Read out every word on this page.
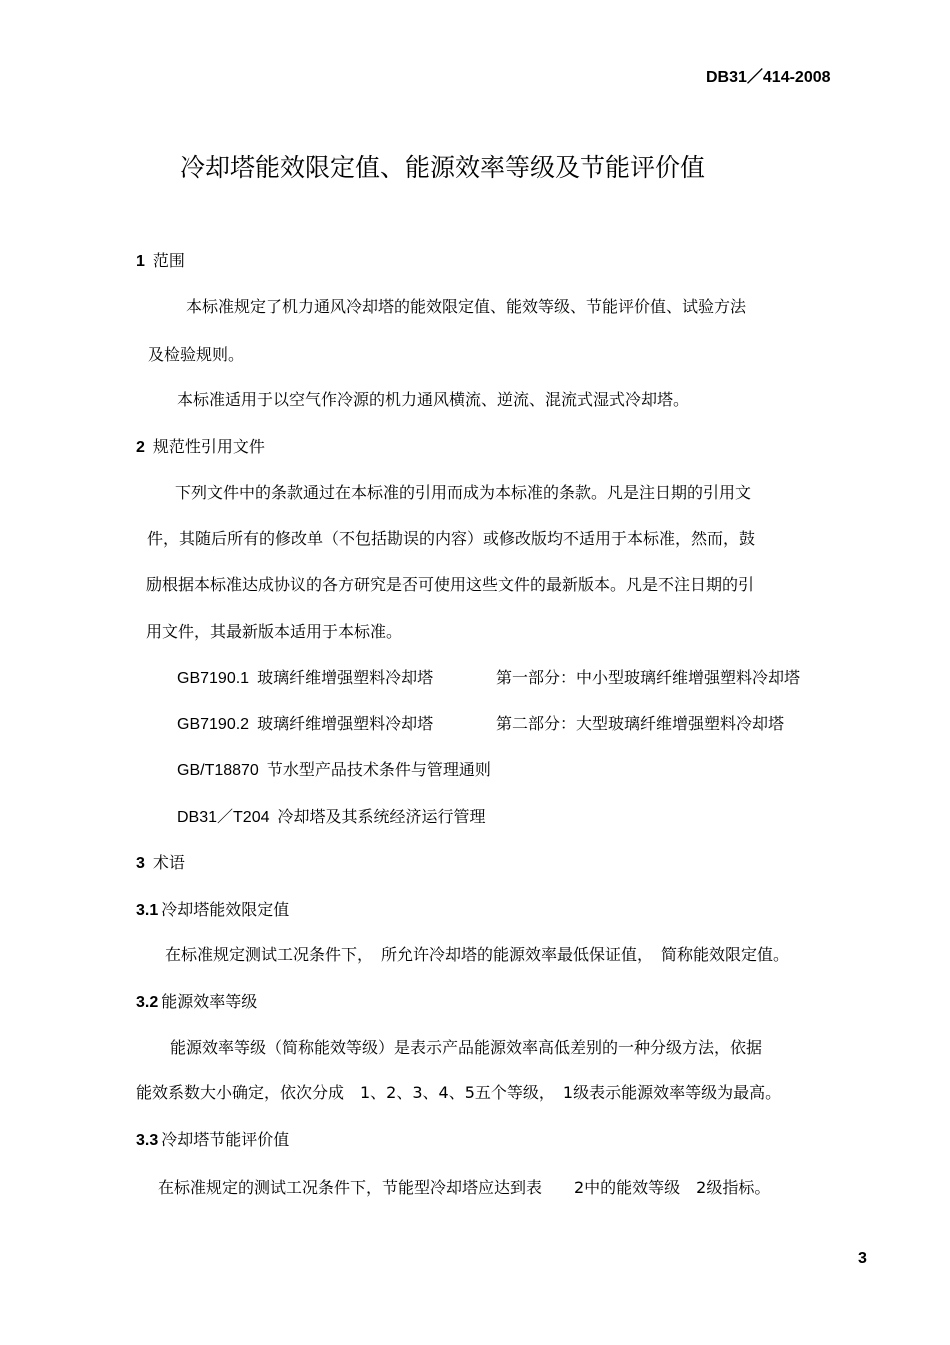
DB31／414-2008
冷却塔能效限定值、能源效率等级及节能评价值
1 范围
本标准规定了机力通风冷却塔的能效限定值、能效等级、节能评价值、试验方法
及检验规则。
本标准适用于以空气作冷源的机力通风横流、逆流、混流式湿式冷却塔。
2 规范性引用文件
下列文件中的条款通过在本标准的引用而成为本标准的条款。凡是注日期的引用文
件，其随后所有的修改单（不包括勘误的内容）或修改版均不适用于本标准，然而，鼓
励根据本标准达成协议的各方研究是否可使用这些文件的最新版本。凡是不注日期的引
用文件，其最新版本适用于本标准。
GB7190.1 玻璃纤维增强塑料冷却塔	第一部分：中小型玻璃纤维增强塑料冷却塔
GB7190.2 玻璃纤维增强塑料冷却塔	第二部分：大型玻璃纤维增强塑料冷却塔
GB/T18870 节水型产品技术条件与管理通则
DB31／T204 冷却塔及其系统经济运行管理
3 术语
3.1 冷却塔能效限定值
在标准规定测试工况条件下，　所允许冷却塔的能源效率最低保证值，　简称能效限定值。
3.2 能源效率等级
能源效率等级（简称能效等级）是表示产品能源效率高低差别的一种分级方法，依据
能效系数大小确定，依次分成　1、2、3、4、5五个等级，　1级表示能源效率等级为最高。
3.3 冷却塔节能评价值
在标准规定的测试工况条件下，节能型冷却塔应达到表　　2中的能效等级　2级指标。
3
